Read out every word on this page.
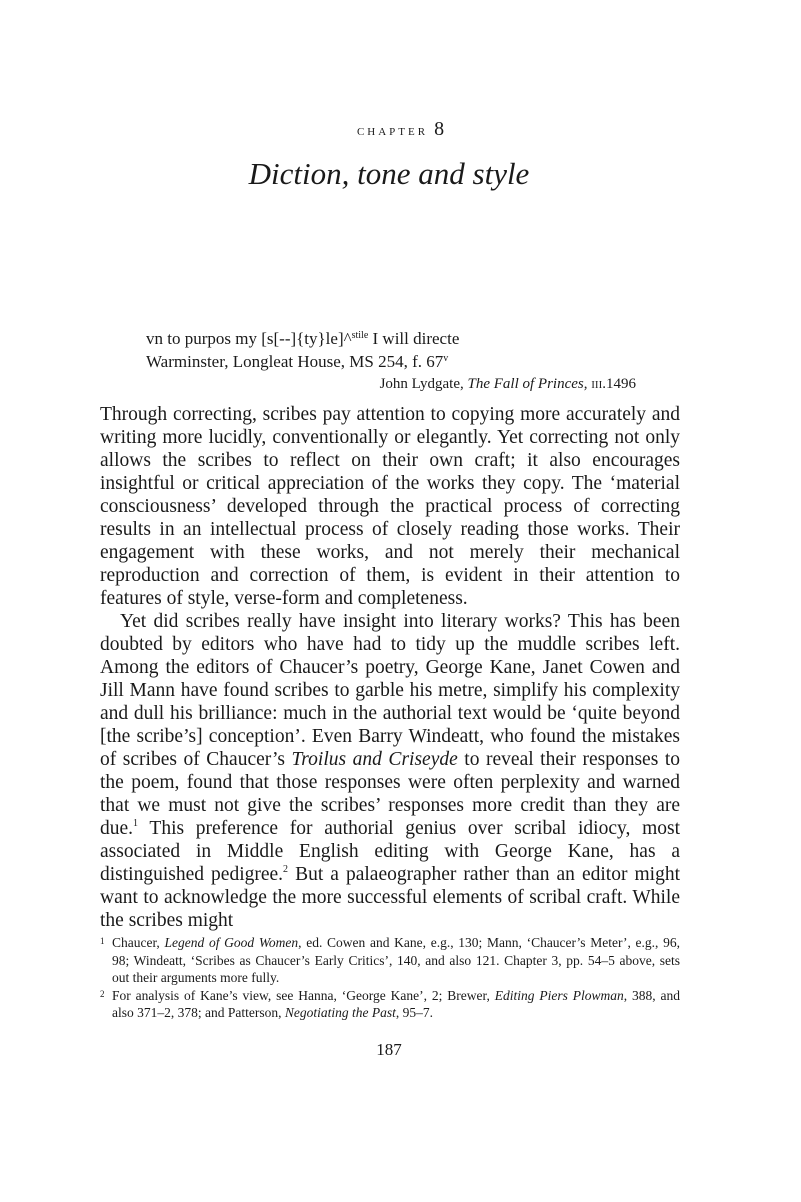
chapter 8
Diction, tone and style
vn to purpos my [s[--]{ty}le]^$^{stile}$ I will directe
Warminster, Longleat House, MS 254, f. 67$^v$
John Lydgate, The Fall of Princes, iii.1496

Through correcting, scribes pay attention to copying more accurately and writing more lucidly, conventionally or elegantly. Yet correcting not only allows the scribes to reflect on their own craft; it also encourages insightful or critical appreciation of the works they copy. The ‘material consciousness’ developed through the practical process of correcting results in an intellectual process of closely reading those works. Their engagement with these works, and not merely their mechanical reproduction and correction of them, is evident in their attention to features of style, verse-form and completeness.

Yet did scribes really have insight into literary works? This has been doubted by editors who have had to tidy up the muddle scribes left. Among the editors of Chaucer’s poetry, George Kane, Janet Cowen and Jill Mann have found scribes to garble his metre, simplify his complexity and dull his brilliance: much in the authorial text would be ‘quite beyond [the scribe’s] conception’. Even Barry Windeatt, who found the mistakes of scribes of Chaucer’s Troilus and Criseyde to reveal their responses to the poem, found that those responses were often perplexity and warned that we must not give the scribes’ responses more credit than they are due.$^1$ This preference for authorial genius over scribal idiocy, most associated in Middle English editing with George Kane, has a distinguished pedigree.$^2$ But a palaeographer rather than an editor might want to acknowledge the more successful elements of scribal craft. While the scribes might

1 Chaucer, Legend of Good Women, ed. Cowen and Kane, e.g., 130; Mann, ‘Chaucer’s Meter’, e.g., 96, 98; Windeatt, ‘Scribes as Chaucer’s Early Critics’, 140, and also 121. Chapter 3, pp. 54–5 above, sets out their arguments more fully.
2 For analysis of Kane’s view, see Hanna, ‘George Kane’, 2; Brewer, Editing Piers Plowman, 388, and also 371–2, 378; and Patterson, Negotiating the Past, 95–7.
187
